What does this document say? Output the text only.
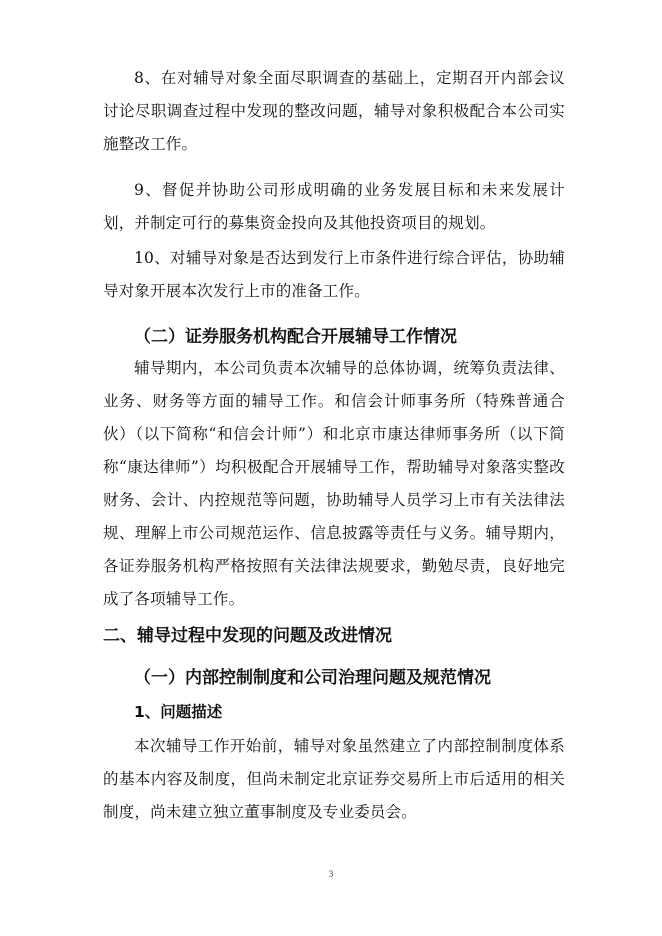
8、在对辅导对象全面尽职调查的基础上，定期召开内部会议讨论尽职调查过程中发现的整改问题，辅导对象积极配合本公司实施整改工作。

9、督促并协助公司形成明确的业务发展目标和未来发展计划，并制定可行的募集资金投向及其他投资项目的规划。

10、对辅导对象是否达到发行上市条件进行综合评估，协助辅导对象开展本次发行上市的准备工作。

（二）证券服务机构配合开展辅导工作情况

辅导期内，本公司负责本次辅导的总体协调，统筹负责法律、业务、财务等方面的辅导工作。和信会计师事务所（特殊普通合伙）（以下简称“和信会计师”）和北京市康达律师事务所（以下简称“康达律师”）均积极配合开展辅导工作，帮助辅导对象落实整改财务、会计、内控规范等问题，协助辅导人员学习上市有关法律法规、理解上市公司规范运作、信息披露等责任与义务。辅导期内，各证券服务机构严格按照有关法律法规要求，勤勉尽责，良好地完成了各项辅导工作。

二、辅导过程中发现的问题及改进情况
（一）内部控制制度和公司治理问题及规范情况
1、问题描述

本次辅导工作开始前，辅导对象虽然建立了内部控制制度体系的基本内容及制度，但尚未制定北京证券交易所上市后适用的相关制度，尚未建立独立董事制度及专业委员会。

3
